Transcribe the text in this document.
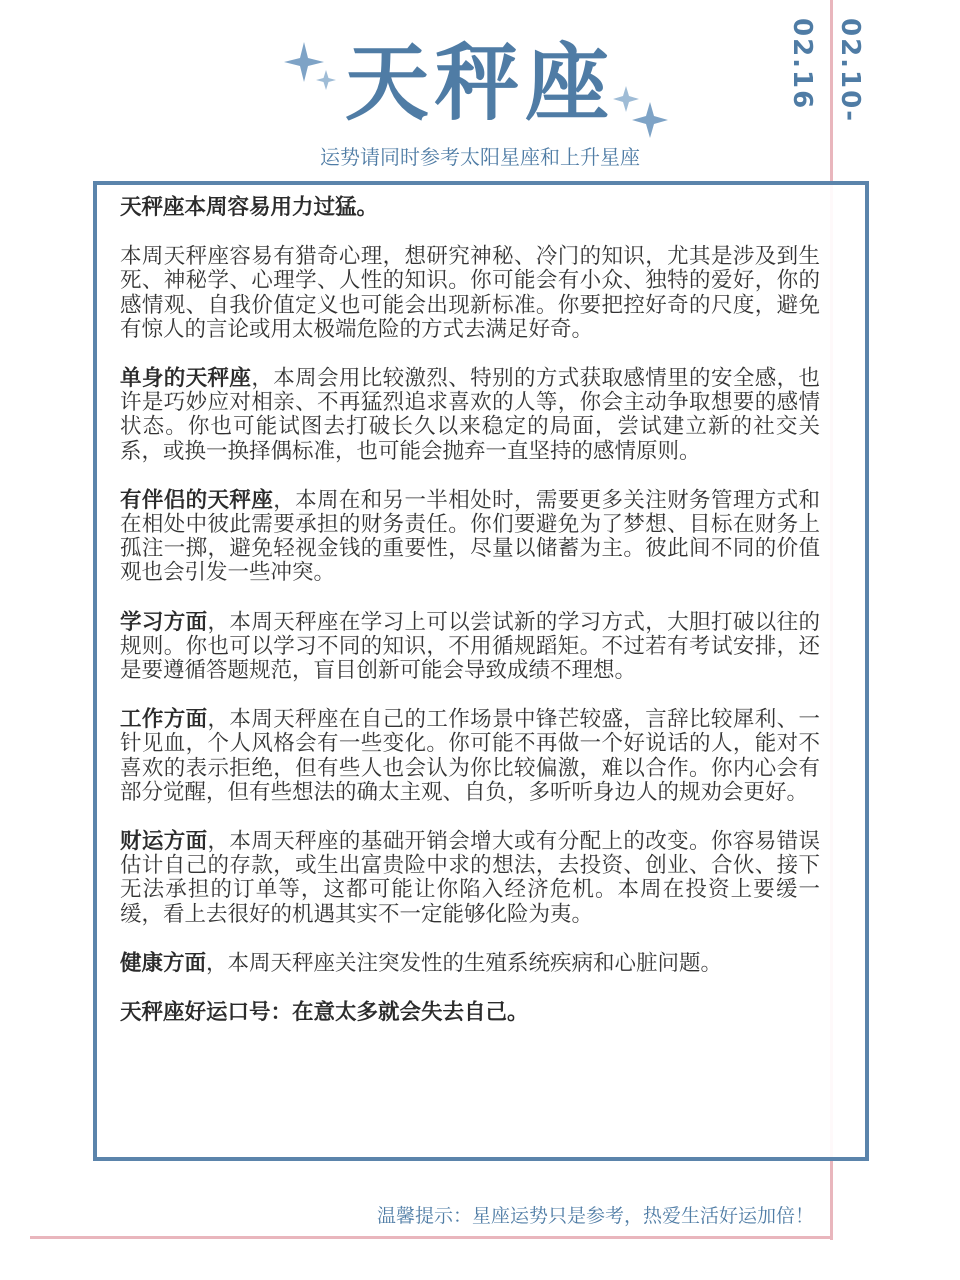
02.10-02.16
天秤座
运势请同时参考太阳星座和上升星座

天秤座本周容易用力过猛。

本周天秤座容易有猎奇心理，想研究神秘、冷门的知识，尤其是涉及到生死、神秘学、心理学、人性的知识。你可能会有小众、独特的爱好，你的感情观、自我价值定义也可能会出现新标准。你要把控好奇的尺度，避免有惊人的言论或用太极端危险的方式去满足好奇。

单身的天秤座，本周会用比较激烈、特别的方式获取感情里的安全感，也许是巧妙应对相亲、不再猛烈追求喜欢的人等，你会主动争取想要的感情状态。你也可能试图去打破长久以来稳定的局面，尝试建立新的社交关系，或换一换择偶标准，也可能会抛弃一直坚持的感情原则。

有伴侣的天秤座，本周在和另一半相处时，需要更多关注财务管理方式和在相处中彼此需要承担的财务责任。你们要避免为了梦想、目标在财务上孤注一掷，避免轻视金钱的重要性，尽量以储蓄为主。彼此间不同的价值观也会引发一些冲突。

学习方面，本周天秤座在学习上可以尝试新的学习方式，大胆打破以往的规则。你也可以学习不同的知识，不用循规蹈矩。不过若有考试安排，还是要遵循答题规范，盲目创新可能会导致成绩不理想。

工作方面，本周天秤座在自己的工作场景中锋芒较盛，言辞比较犀利、一针见血，个人风格会有一些变化。你可能不再做一个好说话的人，能对不喜欢的表示拒绝，但有些人也会认为你比较偏激，难以合作。你内心会有部分觉醒，但有些想法的确太主观、自负，多听听身边人的规劝会更好。

财运方面，本周天秤座的基础开销会增大或有分配上的改变。你容易错误估计自己的存款，或生出富贵险中求的想法，去投资、创业、合伙、接下无法承担的订单等，这都可能让你陷入经济危机。本周在投资上要缓一缓，看上去很好的机遇其实不一定能够化险为夷。

健康方面，本周天秤座关注突发性的生殖系统疾病和心脏问题。

天秤座好运口号：在意太多就会失去自己。

温馨提示：星座运势只是参考，热爱生活好运加倍！
